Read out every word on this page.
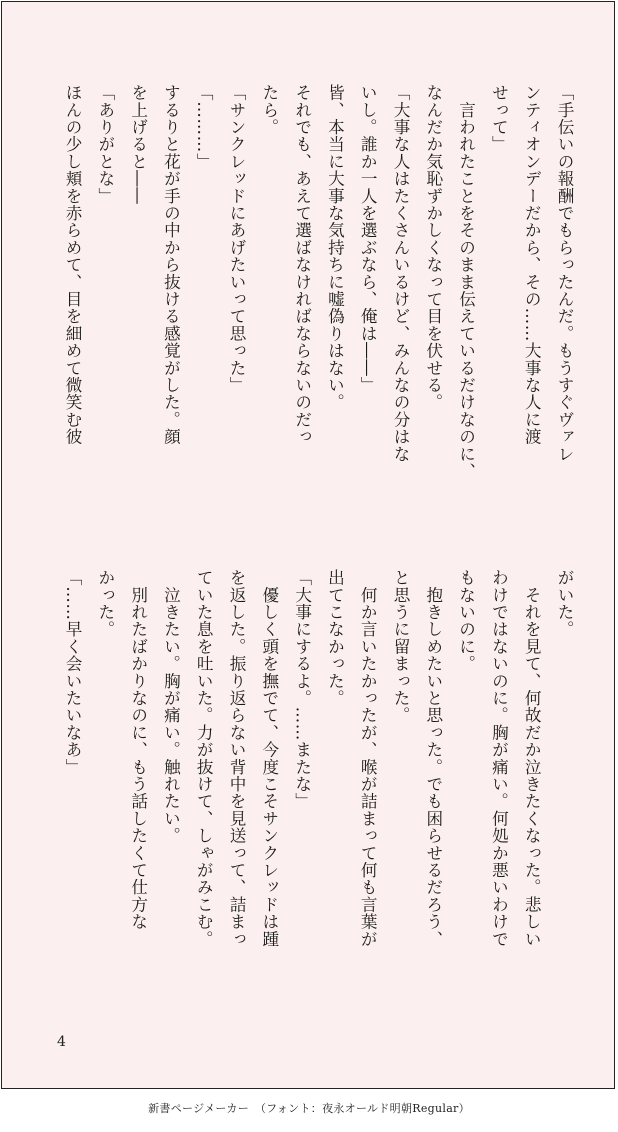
「手伝いの報酬でもらったんだ。もうすぐヴァレ

ンティオンデーだから、その……大事な人に渡

せって」

　言われたことをそのまま伝えているだけなのに、

なんだか気恥ずかしくなって目を伏せる。

「大事な人はたくさんいるけど、みんなの分はな

いし。誰か一人を選ぶなら、俺は――」

皆、本当に大事な気持ちに嘘偽りはない。

それでも、あえて選ばなければならないのだっ

たら。

「サンクレッドにあげたいって思った」

「………」

するりと花が手の中から抜ける感覚がした。顔

を上げると――

「ありがとな」

ほんの少し頬を赤らめて、目を細めて微笑む彼

がいた。

　それを見て、何故だか泣きたくなった。悲しい

わけではないのに。胸が痛い。何処か悪いわけで

もないのに。

　抱きしめたいと思った。でも困らせるだろう、

と思うに留まった。

　何か言いたかったが、喉が詰まって何も言葉が

出てこなかった。

「大事にするよ。……またな」

　優しく頭を撫でて、今度こそサンクレッドは踵

を返した。振り返らない背中を見送って、詰まっ

ていた息を吐いた。力が抜けて、しゃがみこむ。

　泣きたい。胸が痛い。触れたい。

　別れたばかりなのに、もう話したくて仕方な

かった。

「……早く会いたいなあ」

4
新書ページメーカー　（フォント：夜永オールド明朝Regular）
